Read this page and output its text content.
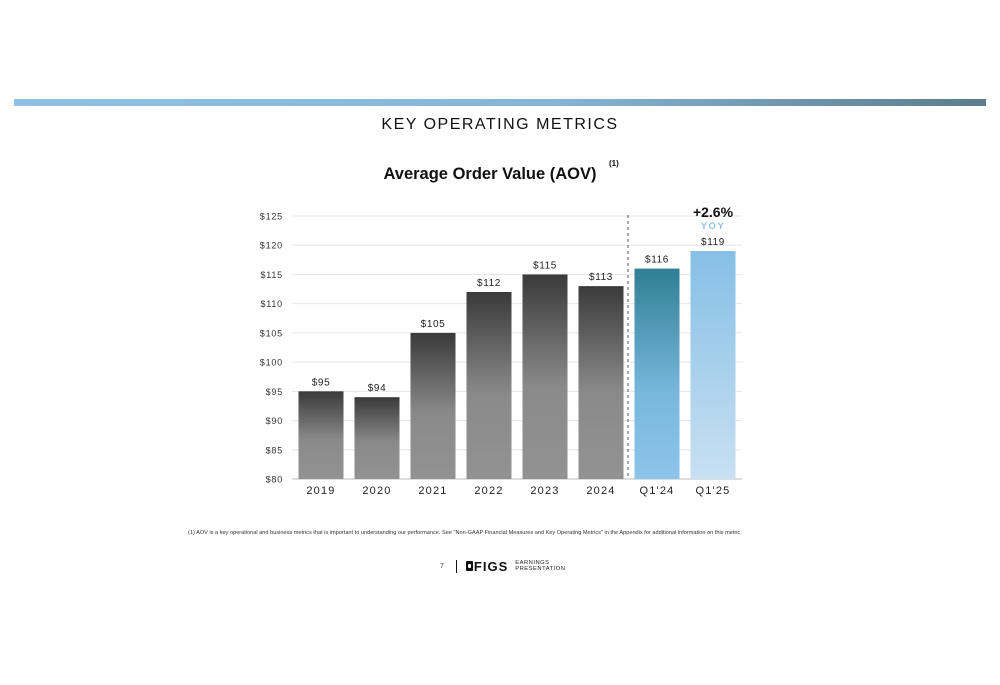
KEY OPERATING METRICS
Average Order Value (AOV)
(1)
$80
$85
$90
$95
$100
$105
$110
$115
$120
$125
$95
$94
$105
$112
$115
$113
$116
$119
2019 2020 2021 2022 2023 2024 Q1'24 Q1'25
+2.6%
YOY
(1) AOV is a key operational and business metrics that is important to understanding our performance. See "Non-GAAP Financial Measures and Key Operating Metrics" in the Appendix for additional information on this metric.
7 FIGS EARNINGS
PRESENTATION
